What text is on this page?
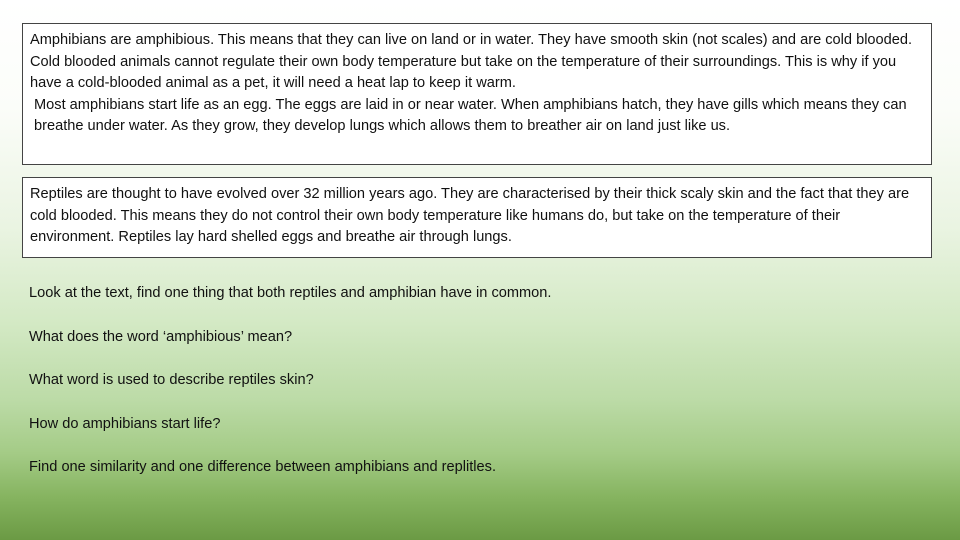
Amphibians are amphibious. This means that they can live on land or in water. They have smooth skin (not scales) and are cold blooded. Cold blooded animals cannot regulate their own body temperature but take on the temperature of their surroundings. This is why if you have a cold-blooded animal as a pet, it will need a heat lap to keep it warm.

Most amphibians start life as an egg. The eggs are laid in or near water. When amphibians hatch, they have gills which means they can breathe under water. As they grow, they develop lungs which allows them to breather air on land just like us.

Reptiles are thought to have evolved over 32 million years ago. They are characterised by their thick scaly skin and the fact that they are cold blooded. This means they do not control their own body temperature like humans do, but take on the temperature of their environment. Reptiles lay hard shelled eggs and breathe air through lungs.

Look at the text, find one thing that both reptiles and amphibian have in common.
What does the word ‘amphibious’ mean?
What word is used to describe reptiles skin?
How do amphibians start life?
Find one similarity and one difference between amphibians and replitles.
